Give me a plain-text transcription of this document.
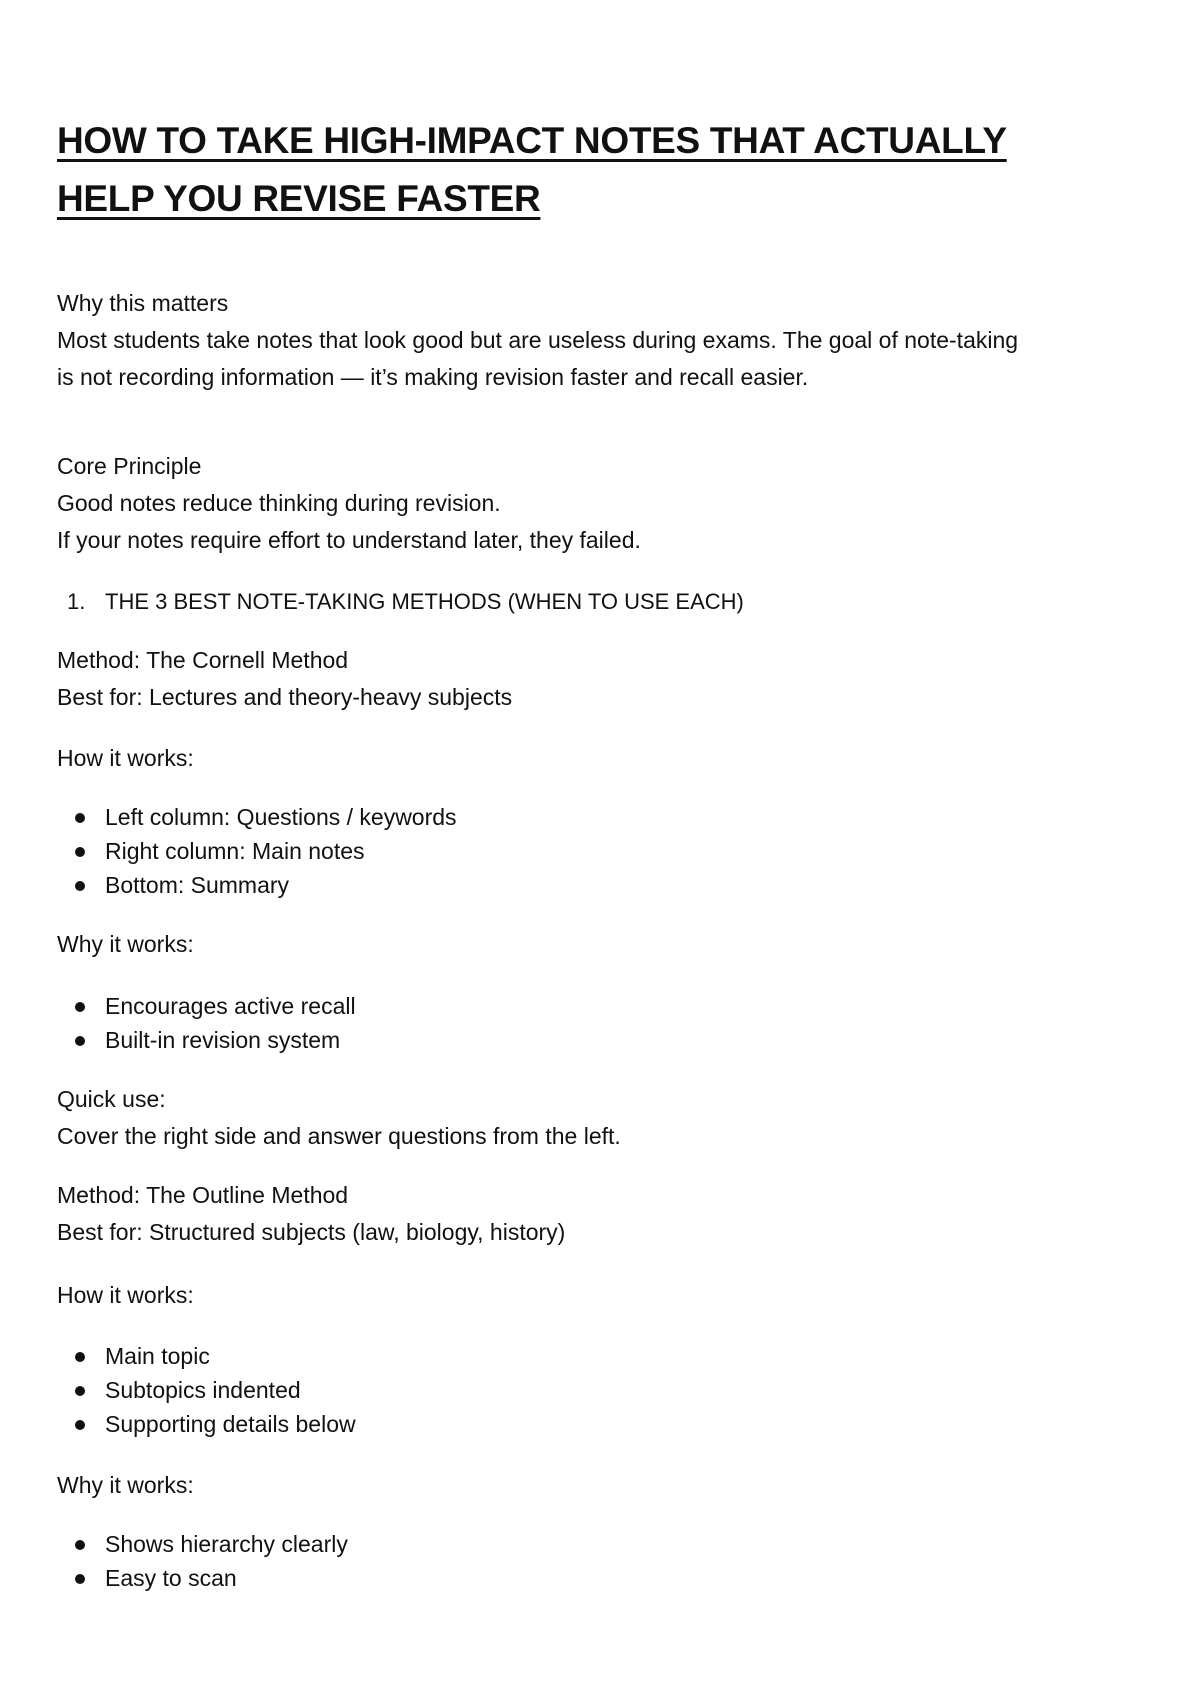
HOW TO TAKE HIGH-IMPACT NOTES THAT ACTUALLY
HELP YOU REVISE FASTER
Why this matters
Most students take notes that look good but are useless during exams. The goal of note-taking
is not recording information — it’s making revision faster and recall easier.
Core Principle
Good notes reduce thinking during revision.
If your notes require effort to understand later, they failed.
1. THE 3 BEST NOTE-TAKING METHODS (WHEN TO USE EACH)
Method: The Cornell Method
Best for: Lectures and theory-heavy subjects
How it works:
Left column: Questions / keywords
Right column: Main notes
Bottom: Summary
Why it works:
Encourages active recall
Built-in revision system
Quick use:
Cover the right side and answer questions from the left.
Method: The Outline Method
Best for: Structured subjects (law, biology, history)
How it works:
Main topic
Subtopics indented
Supporting details below
Why it works:
Shows hierarchy clearly
Easy to scan
